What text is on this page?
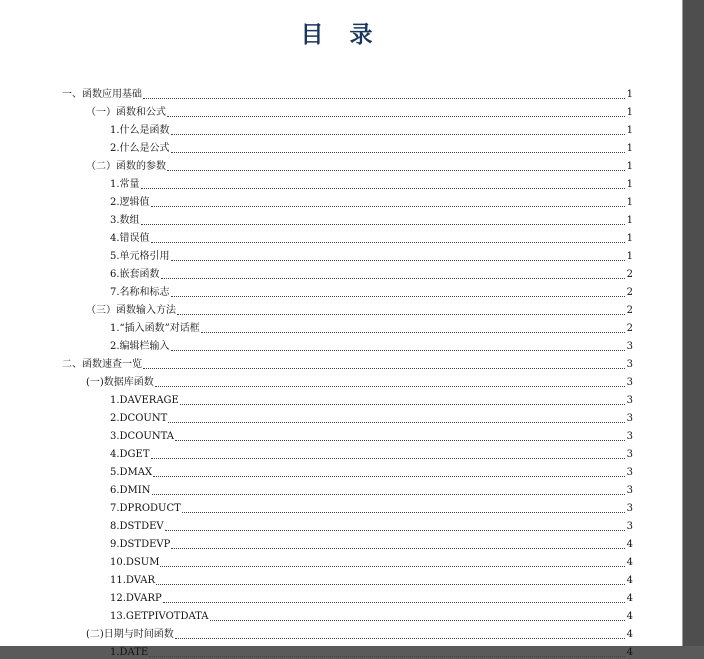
目 录
一、函数应用基础	1
（一）函数和公式	1
1.什么是函数	1
2.什么是公式	1
（二）函数的参数	1
1.常量	1
2.逻辑值	1
3.数组	1
4.错误值	1
5.单元格引用	1
6.嵌套函数	2
7.名称和标志	2
（三）函数输入方法	2
1.“插入函数”对话框	2
2.编辑栏输入	3
二、函数速查一览	3
(一)数据库函数	3
1.DAVERAGE	3
2.DCOUNT	3
3.DCOUNTA	3
4.DGET	3
5.DMAX	3
6.DMIN	3
7.DPRODUCT	3
8.DSTDEV	3
9.DSTDEVP	4
10.DSUM	4
11.DVAR	4
12.DVARP	4
13.GETPIVOTDATA	4
(二)日期与时间函数	4
1.DATE	4
